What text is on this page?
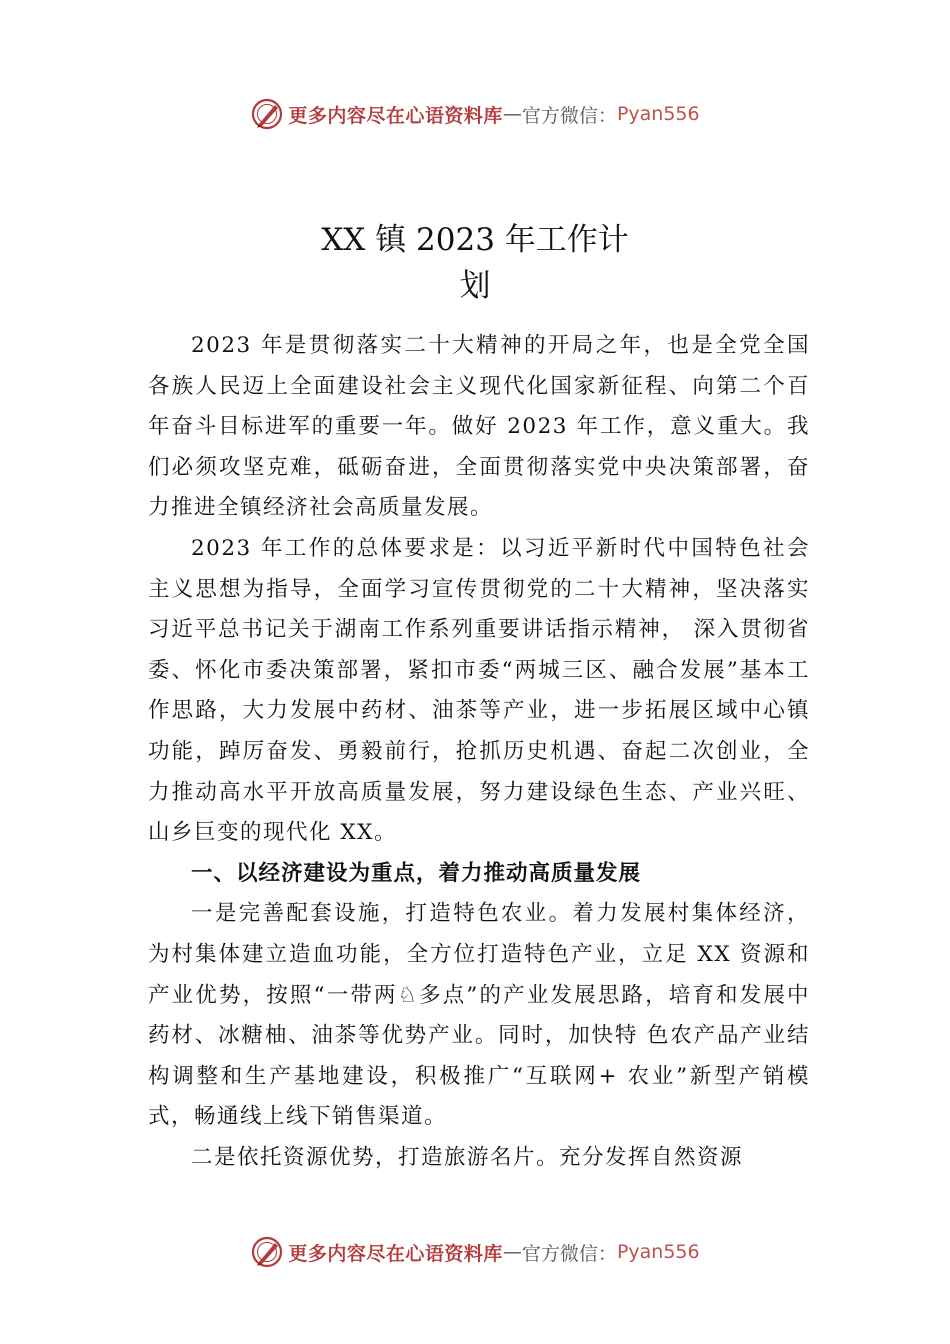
更多内容尽在心语资料库 — 官方微信： Pyan556
XX 镇 2023 年工作计
划

2023 年是贯彻落实二十大精神的开局之年，也是全党全国各族人民迈上全面建设社会主义现代化国家新征程、向第二个百年奋斗目标进军的重要一年。做好 2023 年工作，意义重大。我们必须攻坚克难，砥砺奋进，全面贯彻落实党中央决策部署，奋力推进全镇经济社会高质量发展。

2023 年工作的总体要求是：以习近平新时代中国特色社会主义思想为指导，全面学习宣传贯彻党的二十大精神，坚决落实习近平总书记关于湖南工作系列重要讲话指示精神， 深入贯彻省委、怀化市委决策部署，紧扣市委“两城三区、融合发展”基本工作思路，大力发展中药材、油茶等产业，进一步拓展区域中心镇功能，踔厉奋发、勇毅前行，抢抓历史机遇、奋起二次创业，全力推动高水平开放高质量发展，努力建设绿色生态、产业兴旺、山乡巨变的现代化 XX。

一、以经济建设为重点，着力推动高质量发展

一是完善配套设施，打造特色农业。着力发展村集体经济，为村集体建立造血功能，全方位打造特色产业，立足 XX 资源和产业优势，按照“一带两♘多点”的产业发展思路，培育和发展中药材、冰糖柚、油茶等优势产业。同时，加快特 色农产品产业结构调整和生产基地建设，积极推广“互联网+ 农业”新型产销模式，畅通线上线下销售渠道。

二是依托资源优势，打造旅游名片。充分发挥自然资源

更多内容尽在心语资料库 — 官方微信： Pyan556
